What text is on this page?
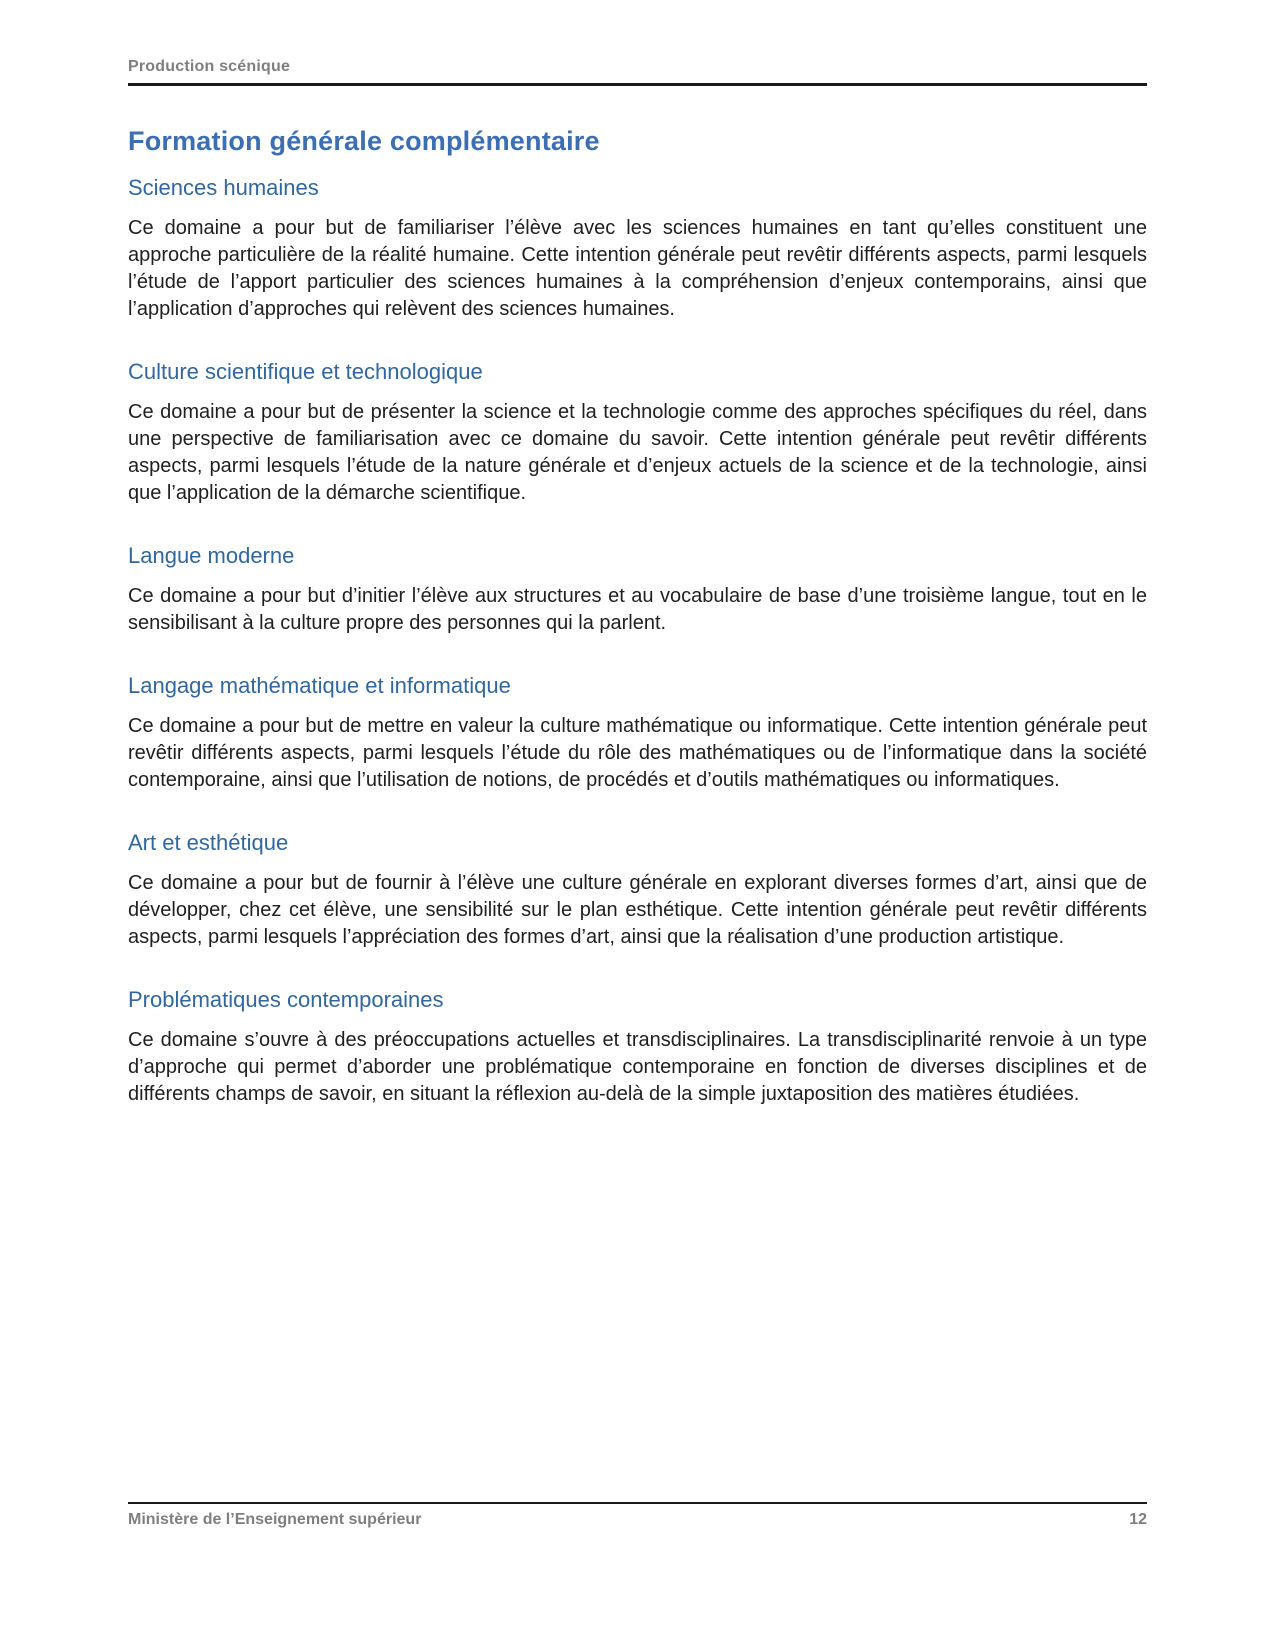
Production scénique
Formation générale complémentaire
Sciences humaines

Ce domaine a pour but de familiariser l’élève avec les sciences humaines en tant qu’elles constituent une approche particulière de la réalité humaine. Cette intention générale peut revêtir différents aspects, parmi lesquels l’étude de l’apport particulier des sciences humaines à la compréhension d’enjeux contemporains, ainsi que l’application d’approches qui relèvent des sciences humaines.

Culture scientifique et technologique

Ce domaine a pour but de présenter la science et la technologie comme des approches spécifiques du réel, dans une perspective de familiarisation avec ce domaine du savoir. Cette intention générale peut revêtir différents aspects, parmi lesquels l’étude de la nature générale et d’enjeux actuels de la science et de la technologie, ainsi que l’application de la démarche scientifique.

Langue moderne

Ce domaine a pour but d’initier l’élève aux structures et au vocabulaire de base d’une troisième langue, tout en le sensibilisant à la culture propre des personnes qui la parlent.

Langage mathématique et informatique

Ce domaine a pour but de mettre en valeur la culture mathématique ou informatique. Cette intention générale peut revêtir différents aspects, parmi lesquels l’étude du rôle des mathématiques ou de l’informatique dans la société contemporaine, ainsi que l’utilisation de notions, de procédés et d’outils mathématiques ou informatiques.

Art et esthétique

Ce domaine a pour but de fournir à l’élève une culture générale en explorant diverses formes d’art, ainsi que de développer, chez cet élève, une sensibilité sur le plan esthétique. Cette intention générale peut revêtir différents aspects, parmi lesquels l’appréciation des formes d’art, ainsi que la réalisation d’une production artistique.

Problématiques contemporaines

Ce domaine s’ouvre à des préoccupations actuelles et transdisciplinaires. La transdisciplinarité renvoie à un type d’approche qui permet d’aborder une problématique contemporaine en fonction de diverses disciplines et de différents champs de savoir, en situant la réflexion au-delà de la simple juxtaposition des matières étudiées.

Ministère de l’Enseignement supérieur	12
